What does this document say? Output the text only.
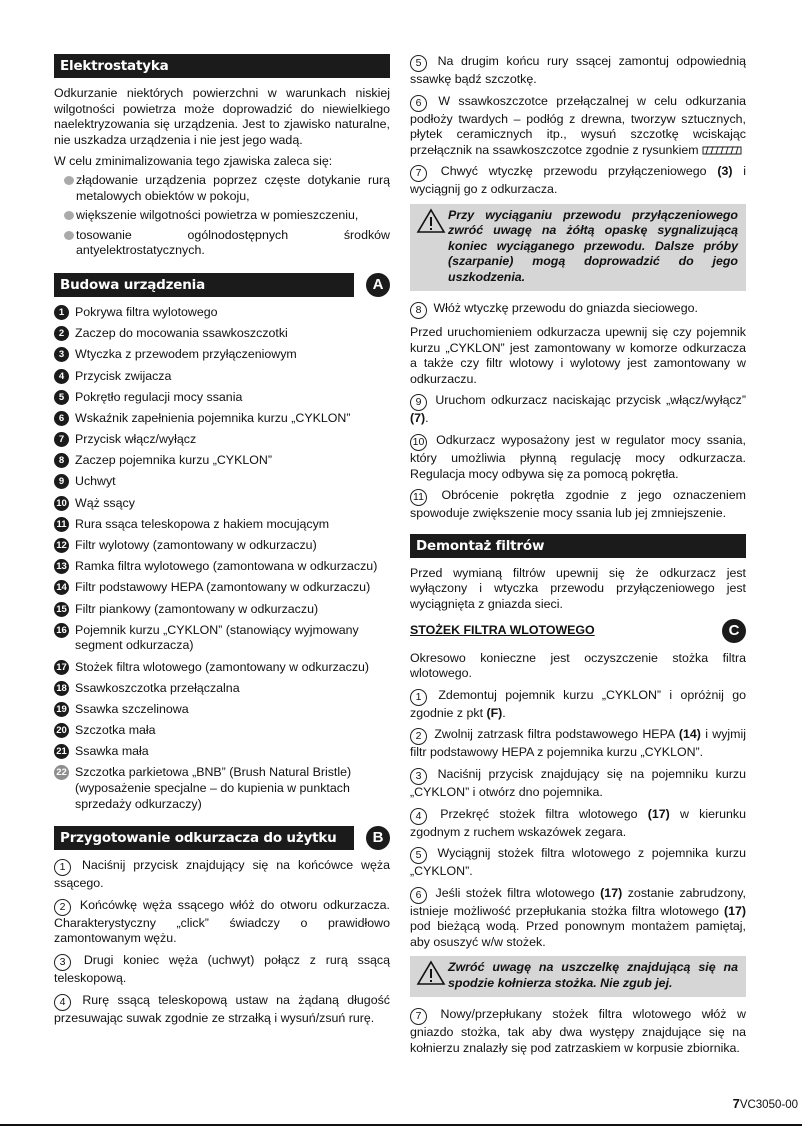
Elektrostatyka

Odkurzanie niektórych powierzchni w warunkach niskiej wilgotności powietrza może doprowadzić do niewielkiego naelektryzowania się urządzenia. Jest to zjawisko naturalne, nie uszkadza urządzenia i nie jest jego wadą.

W celu zminimalizowania tego zjawiska zaleca się:

złądowanie urządzenia poprzez częste dotykanie rurą metalowych obiektów w pokoju,
większenie wilgotności powietrza w pomieszczeniu,
tosowanie ogólnodostępnych środków antyelektrostatycznych.
Budowa urządzenia	A
1 Pokrywa filtra wylotowego
2 Zaczep do mocowania ssawkoszczotki
3 Wtyczka z przewodem przyłączeniowym
4 Przycisk zwijacza
5 Pokrętło regulacji mocy ssania
6 Wskaźnik zapełnienia pojemnika kurzu „CYKLON”
7 Przycisk włącz/wyłącz
8 Zaczep pojemnika kurzu „CYKLON”
9 Uchwyt
10 Wąż ssący
11 Rura ssąca teleskopowa z hakiem mocującym
12 Filtr wylotowy (zamontowany w odkurzaczu)
13 Ramka filtra wylotowego (zamontowana w odkurzaczu)
14 Filtr podstawowy HEPA (zamontowany w odkurzaczu)
15 Filtr piankowy (zamontowany w odkurzaczu)
16 Pojemnik kurzu „CYKLON” (stanowiący wyjmowany segment odkurzacza)
17 Stożek filtra wlotowego (zamontowany w odkurzaczu)
18 Ssawkoszczotka przełączalna
19 Ssawka szczelinowa
20 Szczotka mała
21 Ssawka mała
22 Szczotka parkietowa „BNB” (Brush Natural Bristle) (wyposażenie specjalne – do kupienia w punktach sprzedaży odkurzaczy)
Przygotowanie odkurzacza do użytku	B
1 Naciśnij przycisk znajdujący się na końcówce węża ssącego.
2 Końcówkę węża ssącego włóż do otworu odkurzacza. Charakterystyczny „click” świadczy o prawidłowo zamontowanym wężu.
3 Drugi koniec węża (uchwyt) połącz z rurą ssącą teleskopową.
4 Rurę ssącą teleskopową ustaw na żądaną długość przesuwając suwak zgodnie ze strzałką i wysuń/zsuń rurę.
5 Na drugim końcu rury ssącej zamontuj odpowiednią ssawkę bądź szczotkę.
6 W ssawkoszczotce przełączalnej w celu odkurzania podłoży twardych – podłóg z drewna, tworzyw sztucznych, płytek ceramicznych itp., wysuń szczotkę wciskając przełącznik na ssawkoszczotce zgodnie z rysunkiem
7 Chwyć wtyczkę przewodu przyłączeniowego (3) i wyciągnij go z odkurzacza.
Przy wyciąganiu przewodu przyłączeniowego zwróć uwagę na żółtą opaskę sygnalizującą koniec wyciąganego przewodu. Dalsze próby (szarpanie) mogą doprowadzić do jego uszkodzenia.
8 Włóż wtyczkę przewodu do gniazda sieciowego.

Przed uruchomieniem odkurzacza upewnij się czy pojemnik kurzu „CYKLON” jest zamontowany w komorze odkurzacza a także czy filtr wlotowy i wylotowy jest zamontowany w odkurzaczu.

9 Uruchom odkurzacz naciskając przycisk „włącz/wyłącz” (7).
10 Odkurzacz wyposażony jest w regulator mocy ssania, który umożliwia płynną regulację mocy odkurzacza. Regulacja mocy odbywa się za pomocą pokrętła.
11 Obrócenie pokrętła zgodnie z jego oznaczeniem spowoduje zwiększenie mocy ssania lub jej zmniejszenie.
Demontaż filtrów

Przed wymianą filtrów upewnij się że odkurzacz jest wyłączony i wtyczka przewodu przyłączeniowego jest wyciągnięta z gniazda sieci.

STOŻEK FILTRA WLOTOWEGO	C

Okresowo konieczne jest oczyszczenie stożka filtra wlotowego.

1 Zdemontuj pojemnik kurzu „CYKLON” i opróżnij go zgodnie z pkt (F).
2 Zwolnij zatrzask filtra podstawowego HEPA (14) i wyjmij filtr podstawowy HEPA z pojemnika kurzu „CYKLON”.
3 Naciśnij przycisk znajdujący się na pojemniku kurzu „CYKLON” i otwórz dno pojemnika.
4 Przekręć stożek filtra wlotowego (17) w kierunku zgodnym z ruchem wskazówek zegara.
5 Wyciągnij stożek filtra wlotowego z pojemnika kurzu „CYKLON”.
6 Jeśli stożek filtra wlotowego (17) zostanie zabrudzony, istnieje możliwość przepłukania stożka filtra wlotowego (17) pod bieżącą wodą. Przed ponownym montażem pamiętaj, aby osuszyć w/w stożek.
Zwróć uwagę na uszczelkę znajdującą się na spodzie kołnierza stożka. Nie zgub jej.
7 Nowy/przepłukany stożek filtra wlotowego włóż w gniazdo stożka, tak aby dwa występy znajdujące się na kołnierzu znalazły się pod zatrzaskiem w korpusie zbiornika.
7VC3050-00
